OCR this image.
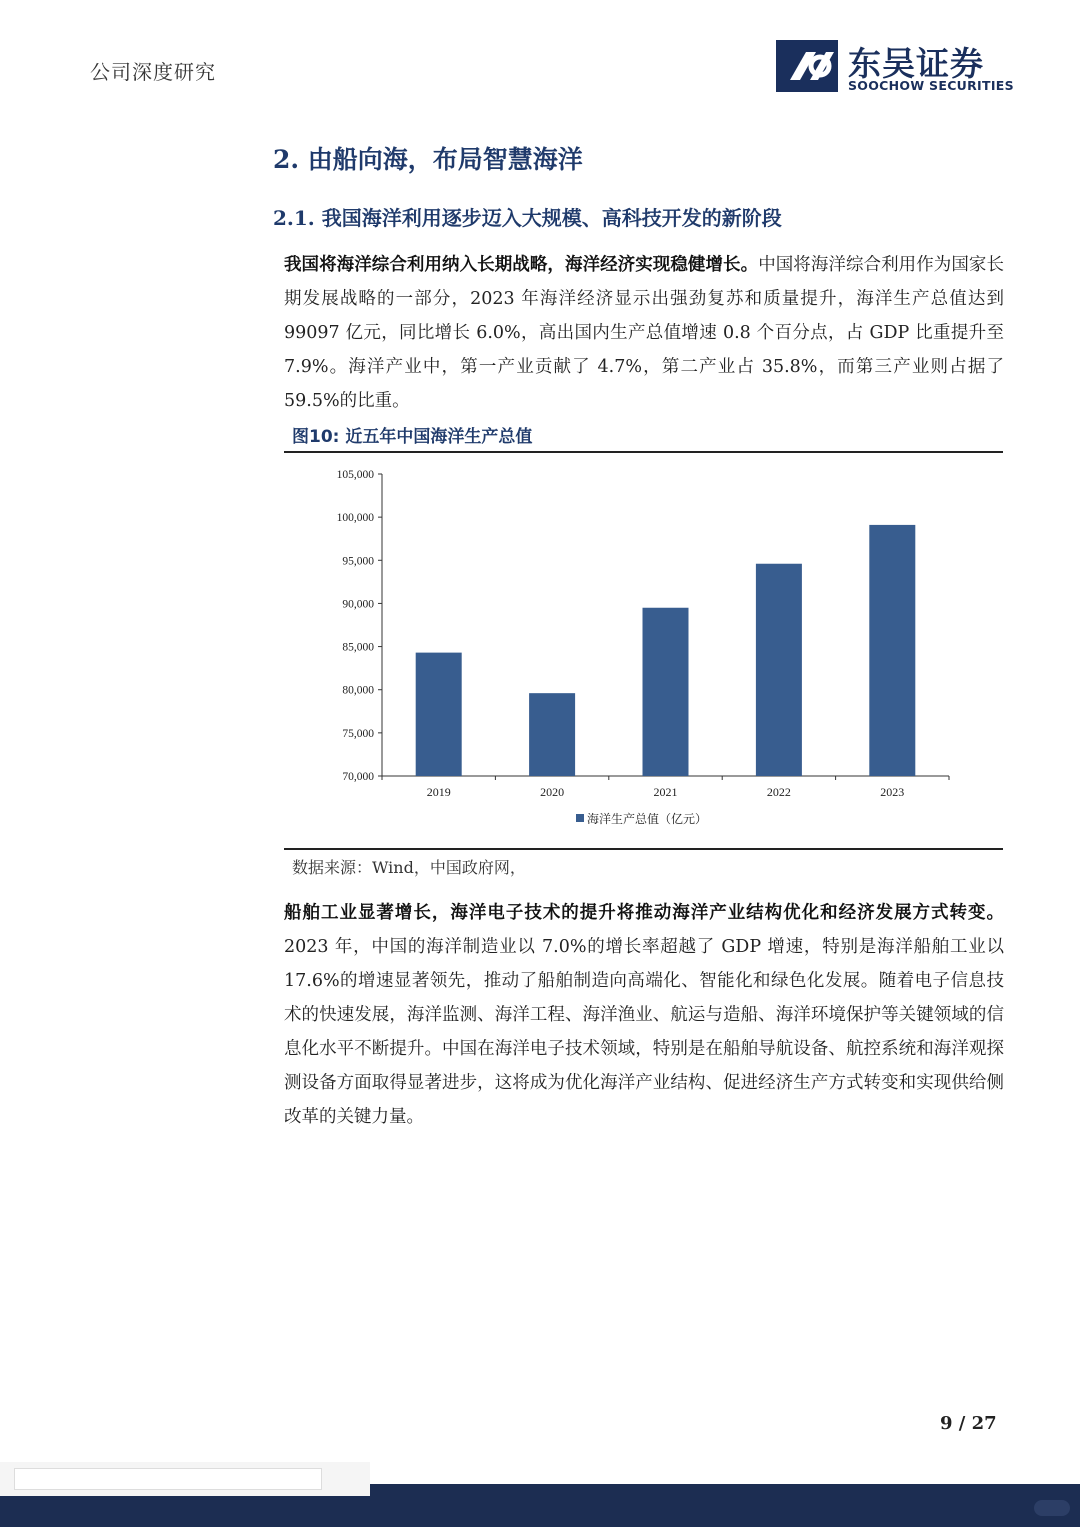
公司深度研究	东吴证券
SOOCHOW SECURITIES
2. 由船向海，布局智慧海洋
2.1. 我国海洋利用逐步迈入大规模、高科技开发的新阶段
我国将海洋综合利用纳入长期战略，海洋经济实现稳健增长。中国将海洋综合利用作为国家长期发展战略的一部分，2023 年海洋经济显示出强劲复苏和质量提升，海洋生产总值达到 99097 亿元，同比增长 6.0%，高出国内生产总值增速 0.8 个百分点，占 GDP 比重提升至 7.9%。海洋产业中，第一产业贡献了 4.7%，第二产业占 35.8%，而第三产业则占据了 59.5%的比重。
图10: 近五年中国海洋生产总值
70,000
75,000
80,000
85,000
90,000
95,000
100,000
105,000
2019	2020	2021	2022	2023
海洋生产总值（亿元）
数据来源：Wind，中国政府网，
船舶工业显著增长，海洋电子技术的提升将推动海洋产业结构优化和经济发展方式转变。2023 年，中国的海洋制造业以 7.0%的增长率超越了 GDP 增速，特别是海洋船舶工业以 17.6%的增速显著领先，推动了船舶制造向高端化、智能化和绿色化发展。随着电子信息技术的快速发展，海洋监测、海洋工程、海洋渔业、航运与造船、海洋环境保护等关键领域的信息化水平不断提升。中国在海洋电子技术领域，特别是在船舶导航设备、航控系统和海洋观探测设备方面取得显著进步，这将成为优化海洋产业结构、促进经济生产方式转变和实现供给侧改革的关键力量。
9 / 27
